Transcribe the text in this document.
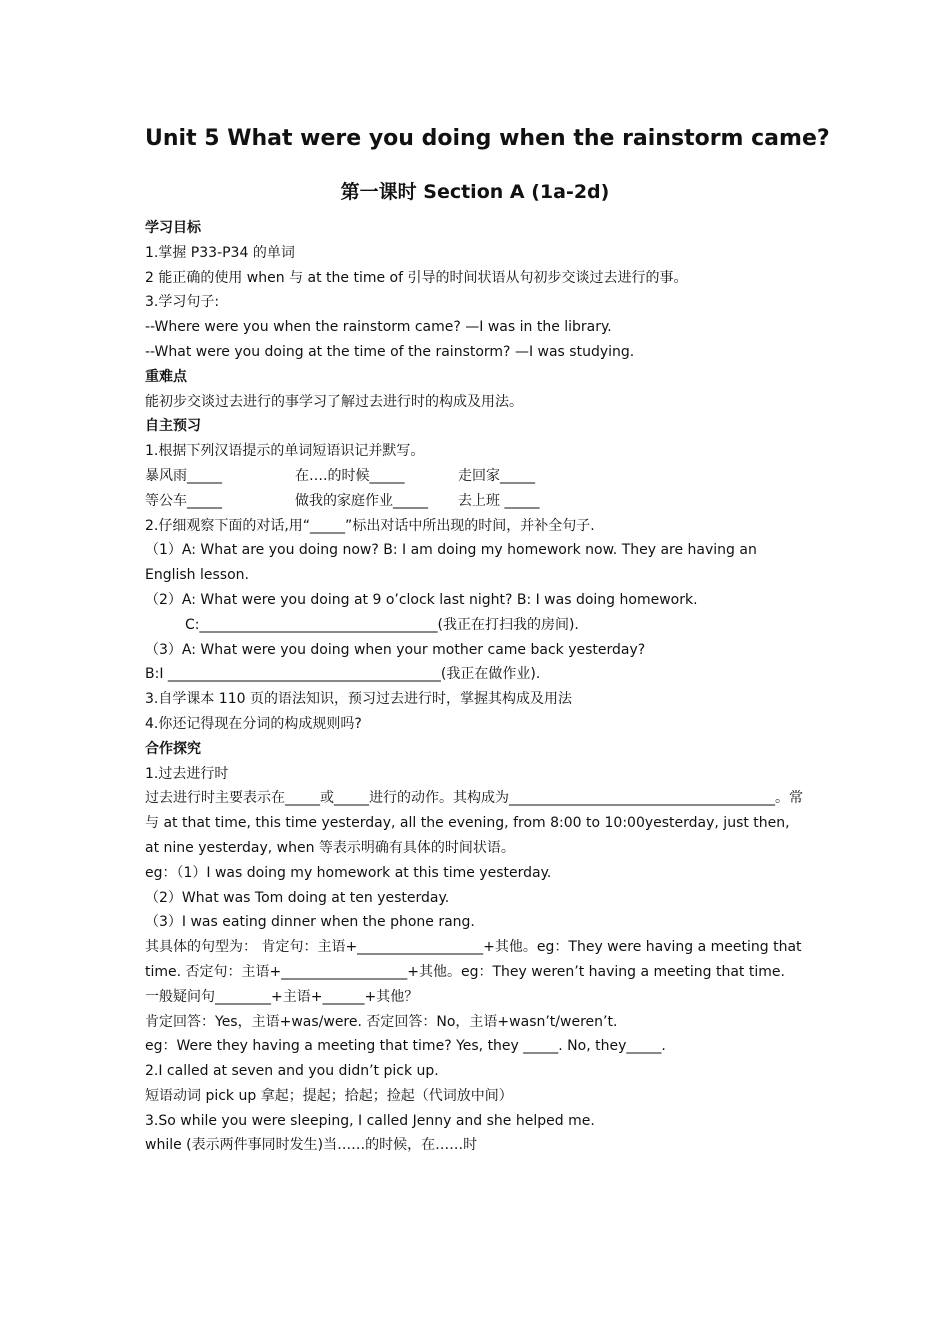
Unit 5 What were you doing when the rainstorm came?
第一课时 Section A (1a-2d)
学习目标
1.掌握 P33-P34 的单词
2 能正确的使用 when 与 at the time of 引导的时间状语从句初步交谈过去进行的事。
3.学习句子:
--Where were you when the rainstorm came? —I was in the library.
--What were you doing at the time of the rainstorm? —I was studying.
重难点
能初步交谈过去进行的事学习了解过去进行时的构成及用法。
自主预习
1.根据下列汉语提示的单词短语识记并默写。
暴风雨_____	在….的时候_____	走回家_____
等公车_____	做我的家庭作业_____ 去上班 _____
2.仔细观察下面的对话,用“_____”标出对话中所出现的时间，并补全句子.
（1）A: What are you doing now? B: I am doing my homework now. They are having an English lesson.
（2）A: What were you doing at 9 o’clock last night? B: I was doing homework.
C:__________________________________(我正在打扫我的房间).
（3）A: What were you doing when your mother came back yesterday?
B:I _______________________________________(我正在做作业).
3.自学课本 110 页的语法知识，预习过去进行时，掌握其构成及用法
4.你还记得现在分词的构成规则吗?
合作探究
1.过去进行时
过去进行时主要表示在_____或_____进行的动作。其构成为______________________________________。常与 at that time, this time yesterday, all the evening, from 8:00 to 10:00yesterday, just then, at nine yesterday, when 等表示明确有具体的时间状语。
eg：（1）I was doing my homework at this time yesterday.
（2）What was Tom doing at ten yesterday.
（3）I was eating dinner when the phone rang.
其具体的句型为： 肯定句：主语+__________________+其他。eg：They were having a meeting that time. 否定句：主语+__________________+其他。eg：They weren’t having a meeting that time.
一般疑问句________+主语+______+其他？
肯定回答：Yes，主语+was/were. 否定回答：No，主语+wasn’t/weren’t.
eg：Were they having a meeting that time? Yes, they _____. No, they_____.
2.I called at seven and you didn’t pick up.
短语动词 pick up 拿起；提起；拾起；捡起（代词放中间）
3.So while you were sleeping, I called Jenny and she helped me.
while (表示两件事同时发生)当……的时候，在……时
